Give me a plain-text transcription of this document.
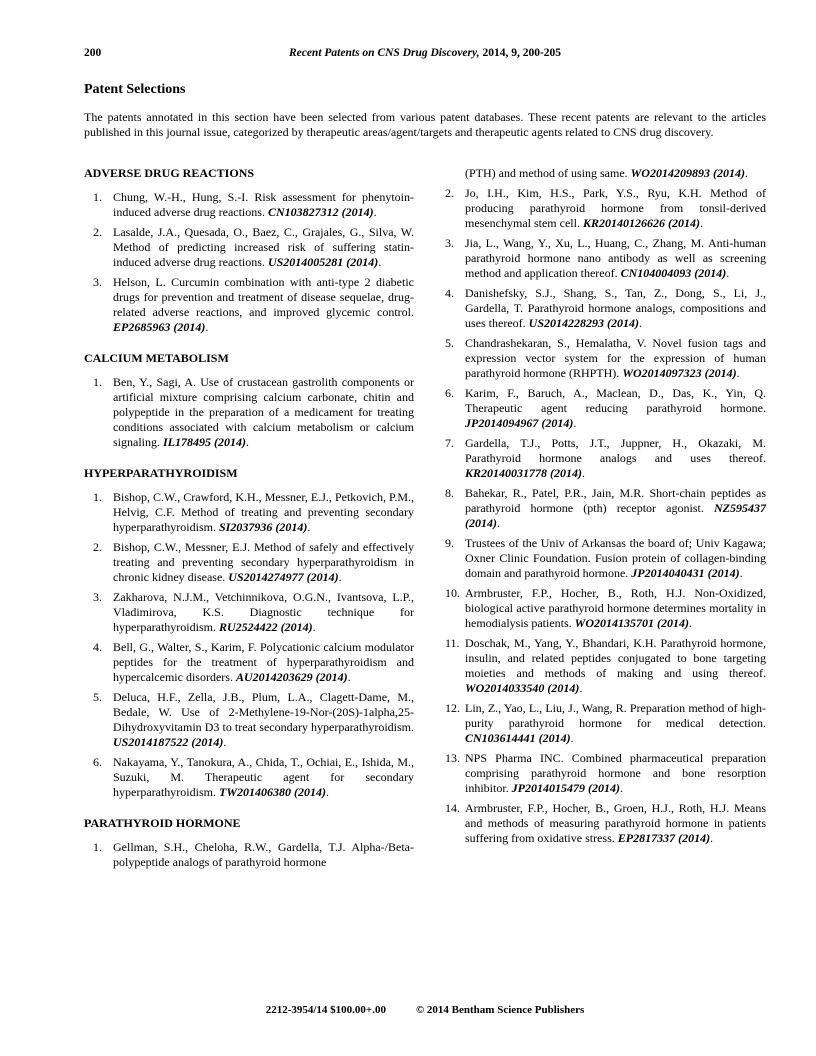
200	Recent Patents on CNS Drug Discovery, 2014, 9, 200-205
Patent Selections
The patents annotated in this section have been selected from various patent databases. These recent patents are relevant to the articles published in this journal issue, categorized by therapeutic areas/agent/targets and therapeutic agents related to CNS drug discovery.
ADVERSE DRUG REACTIONS
1. Chung, W.-H., Hung, S.-I. Risk assessment for phenytoin-induced adverse drug reactions. CN103827312 (2014).
2. Lasalde, J.A., Quesada, O., Baez, C., Grajales, G., Silva, W. Method of predicting increased risk of suffering statin-induced adverse drug reactions. US2014005281 (2014).
3. Helson, L. Curcumin combination with anti-type 2 diabetic drugs for prevention and treatment of disease sequelae, drug-related adverse reactions, and improved glycemic control. EP2685963 (2014).
CALCIUM METABOLISM
1. Ben, Y., Sagi, A. Use of crustacean gastrolith components or artificial mixture comprising calcium carbonate, chitin and polypeptide in the preparation of a medicament for treating conditions associated with calcium metabolism or calcium signaling. IL178495 (2014).
HYPERPARATHYROIDISM
1. Bishop, C.W., Crawford, K.H., Messner, E.J., Petkovich, P.M., Helvig, C.F. Method of treating and preventing secondary hyperparathyroidism. SI2037936 (2014).
2. Bishop, C.W., Messner, E.J. Method of safely and effectively treating and preventing secondary hyperparathyroidism in chronic kidney disease. US2014274977 (2014).
3. Zakharova, N.J.M., Vetchinnikova, O.G.N., Ivantsova, L.P., Vladimirova, K.S. Diagnostic technique for hyperparathyroidism. RU2524422 (2014).
4. Bell, G., Walter, S., Karim, F. Polycationic calcium modulator peptides for the treatment of hyperparathyroidism and hypercalcemic disorders. AU2014203629 (2014).
5. Deluca, H.F., Zella, J.B., Plum, L.A., Clagett-Dame, M., Bedale, W. Use of 2-Methylene-19-Nor-(20S)-1alpha,25-Dihydroxyvitamin D3 to treat secondary hyperparathyroidism. US2014187522 (2014).
6. Nakayama, Y., Tanokura, A., Chida, T., Ochiai, E., Ishida, M., Suzuki, M. Therapeutic agent for secondary hyperparathyroidism. TW201406380 (2014).
PARATHYROID HORMONE
1. Gellman, S.H., Cheloha, R.W., Gardella, T.J. Alpha-/Beta-polypeptide analogs of parathyroid hormone
(PTH) and method of using same. WO2014209893 (2014).
2. Jo, I.H., Kim, H.S., Park, Y.S., Ryu, K.H. Method of producing parathyroid hormone from tonsil-derived mesenchymal stem cell. KR20140126626 (2014).
3. Jia, L., Wang, Y., Xu, L., Huang, C., Zhang, M. Anti-human parathyroid hormone nano antibody as well as screening method and application thereof. CN104004093 (2014).
4. Danishefsky, S.J., Shang, S., Tan, Z., Dong, S., Li, J., Gardella, T. Parathyroid hormone analogs, compositions and uses thereof. US2014228293 (2014).
5. Chandrashekaran, S., Hemalatha, V. Novel fusion tags and expression vector system for the expression of human parathyroid hormone (RHPTH). WO2014097323 (2014).
6. Karim, F., Baruch, A., Maclean, D., Das, K., Yin, Q. Therapeutic agent reducing parathyroid hormone. JP2014094967 (2014).
7. Gardella, T.J., Potts, J.T., Juppner, H., Okazaki, M. Parathyroid hormone analogs and uses thereof. KR20140031778 (2014).
8. Bahekar, R., Patel, P.R., Jain, M.R. Short-chain peptides as parathyroid hormone (pth) receptor agonist. NZ595437 (2014).
9. Trustees of the Univ of Arkansas the board of; Univ Kagawa; Oxner Clinic Foundation. Fusion protein of collagen-binding domain and parathyroid hormone. JP2014040431 (2014).
10. Armbruster, F.P., Hocher, B., Roth, H.J. Non-Oxidized, biological active parathyroid hormone determines mortality in hemodialysis patients. WO2014135701 (2014).
11. Doschak, M., Yang, Y., Bhandari, K.H. Parathyroid hormone, insulin, and related peptides conjugated to bone targeting moieties and methods of making and using thereof. WO2014033540 (2014).
12. Lin, Z., Yao, L., Liu, J., Wang, R. Preparation method of high-purity parathyroid hormone for medical detection. CN103614441 (2014).
13. NPS Pharma INC. Combined pharmaceutical preparation comprising parathyroid hormone and bone resorption inhibitor. JP2014015479 (2014).
14. Armbruster, F.P., Hocher, B., Groen, H.J., Roth, H.J. Means and methods of measuring parathyroid hormone in patients suffering from oxidative stress. EP2817337 (2014).
2212-3954/14 $100.00+.00	© 2014 Bentham Science Publishers
